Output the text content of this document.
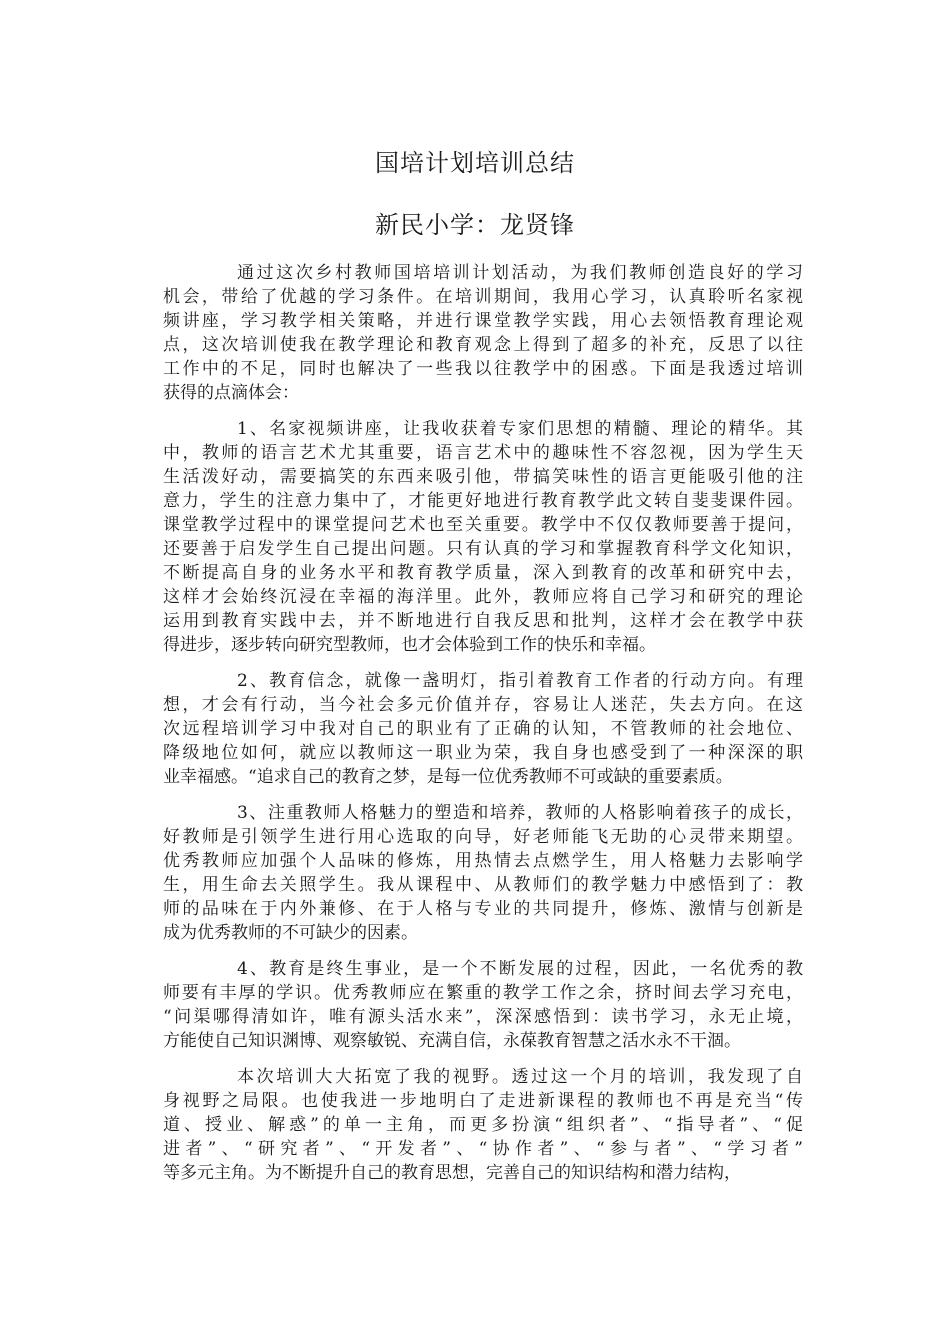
国培计划培训总结
新民小学：龙贤锋
通过这次乡村教师国培培训计划活动，为我们教师创造良好的学习
机会，带给了优越的学习条件。在培训期间，我用心学习，认真聆听名家视
频讲座，学习教学相关策略，并进行课堂教学实践，用心去领悟教育理论观
点，这次培训使我在教学理论和教育观念上得到了超多的补充，反思了以往
工作中的不足，同时也解决了一些我以往教学中的困惑。下面是我透过培训
获得的点滴体会：
1、名家视频讲座，让我收获着专家们思想的精髓、理论的精华。其
中，教师的语言艺术尤其重要，语言艺术中的趣味性不容忽视，因为学生天
生活泼好动，需要搞笑的东西来吸引他，带搞笑味性的语言更能吸引他的注
意力，学生的注意力集中了，才能更好地进行教育教学此文转自斐斐课件园。
课堂教学过程中的课堂提问艺术也至关重要。教学中不仅仅教师要善于提问，
还要善于启发学生自己提出问题。只有认真的学习和掌握教育科学文化知识，
不断提高自身的业务水平和教育教学质量，深入到教育的改革和研究中去，
这样才会始终沉浸在幸福的海洋里。此外，教师应将自己学习和研究的理论
运用到教育实践中去，并不断地进行自我反思和批判，这样才会在教学中获
得进步，逐步转向研究型教师，也才会体验到工作的快乐和幸福。
2、教育信念，就像一盏明灯，指引着教育工作者的行动方向。有理
想，才会有行动，当今社会多元价值并存，容易让人迷茫，失去方向。在这
次远程培训学习中我对自己的职业有了正确的认知，不管教师的社会地位、
降级地位如何，就应以教师这一职业为荣，我自身也感受到了一种深深的职
业幸福感。“追求自己的教育之梦，是每一位优秀教师不可或缺的重要素质。
3、注重教师人格魅力的塑造和培养，教师的人格影响着孩子的成长，
好教师是引领学生进行用心选取的向导，好老师能飞无助的心灵带来期望。
优秀教师应加强个人品味的修炼，用热情去点燃学生，用人格魅力去影响学
生，用生命去关照学生。我从课程中、从教师们的教学魅力中感悟到了：教
师的品味在于内外兼修、在于人格与专业的共同提升，修炼、激情与创新是
成为优秀教师的不可缺少的因素。
4、教育是终生事业，是一个不断发展的过程，因此，一名优秀的教
师要有丰厚的学识。优秀教师应在繁重的教学工作之余，挤时间去学习充电，
“问渠哪得清如许，唯有源头活水来”，深深感悟到：读书学习，永无止境，
方能使自己知识渊博、观察敏锐、充满自信，永葆教育智慧之活水永不干涸。
本次培训大大拓宽了我的视野。透过这一个月的培训，我发现了自
身视野之局限。也使我进一步地明白了走进新课程的教师也不再是充当“传
道、授业、解惑”的单一主角，而更多扮演“组织者”、“指导者”、“促
进者”、“研究者”、“开发者”、“协作者”、“参与者”、“学习者”
等多元主角。为不断提升自己的教育思想，完善自己的知识结构和潜力结构，
